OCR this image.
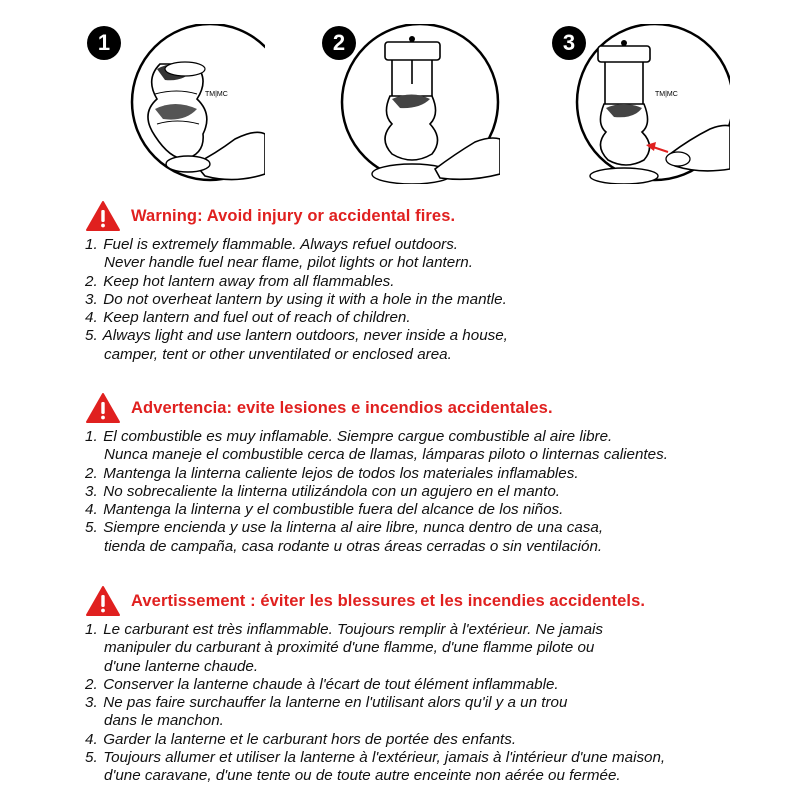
1
TM|MC
2	3
TM|MC
Warning: Avoid injury or accidental fires.
1. Fuel is extremely flammable. Always refuel outdoors.
Never handle fuel near flame, pilot lights or hot lantern.
2. Keep hot lantern away from all flammables.
3. Do not overheat lantern by using it with a hole in the mantle.
4. Keep lantern and fuel out of reach of children.
5. Always light and use lantern outdoors, never inside a house,
camper, tent or other unventilated or enclosed area.
Advertencia: evite lesiones e incendios accidentales.
1. El combustible es muy inflamable. Siempre cargue combustible al aire libre.
Nunca maneje el combustible cerca de llamas, lámparas piloto o linternas calientes.
2. Mantenga la linterna caliente lejos de todos los materiales inflamables.
3. No sobrecaliente la linterna utilizándola con un agujero en el manto.
4. Mantenga la linterna y el combustible fuera del alcance de los niños.
5. Siempre encienda y use la linterna al aire libre, nunca dentro de una casa,
tienda de campaña, casa rodante u otras áreas cerradas o sin ventilación.
Avertissement : éviter les blessures et les incendies accidentels.
1. Le carburant est très inflammable. Toujours remplir à l'extérieur. Ne jamais
manipuler du carburant à proximité d'une flamme, d'une flamme pilote ou
d'une lanterne chaude.
2. Conserver la lanterne chaude à l'écart de tout élément inflammable.
3. Ne pas faire surchauffer la lanterne en l'utilisant alors qu'il y a un trou
dans le manchon.
4. Garder la lanterne et le carburant hors de portée des enfants.
5. Toujours allumer et utiliser la lanterne à l'extérieur, jamais à l'intérieur d'une maison,
d'une caravane, d'une tente ou de toute autre enceinte non aérée ou fermée.
